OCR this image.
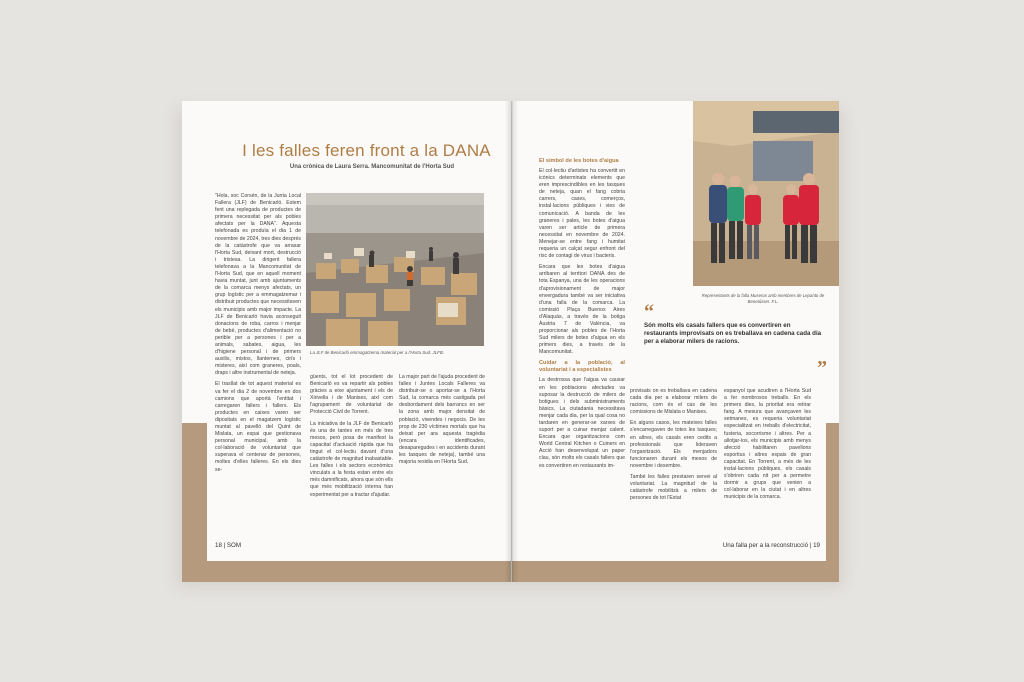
I les falles feren front a la DANA
Una crònica de Laura Serra. Mancomunitat de l'Horta Sud

"Hola, soc Corsén, de la Junta Local Fallera (JLF) de Benicarló. Estem fent una replegada de productes de primera necessitat per als pobles afectats per la DANA". Aquesta telefonada es produïa el dia 1 de novembre de 2024, tres dies després de la catàstrofe que va arrasar l'Horta Sud, deixant mort, destrucció i tristesa. La dirigent fallera telefonava a la Mancomunitat de l'Horta Sud, que en aquell moment havia muntat, junt amb ajuntaments de la comarca menys afectats, un grup logístic per a emmagatzemar i distribuir productes que necessitaven els municipis amb major impacte. La JLF de Benicarló havia aconseguit donacions de roba, carros i menjar de bebè, productes d'alimentació no perible per a persones i per a animals, sabates, aigua, les d'higiene personal i de primers auxilis, mistos, llanternes, cirís i misteres, així com graneres, poals, draps i altre instrumental de neteja.

El trasllat de tot aquest material es va fer el dia 2 de novembre en dos camions que aportà l'entitat i carregaren fallers i fallers. Els productes en caixes varen ser dipositats en el magatzem logístic muntat al pavelló del Quint de Mislata, un espai que gestionava personal municipal, amb la col·laboració de voluntariat que superava el centenar de persones, moltes d'elles falleres. En els dies se-

La JLF de Benicarló emmagatzema material per a l'Horta Sud. JLFB.

güents, tot el lot procedent de Benicarló es va repartir als pobles gràcies a eixe ajuntament i els de Xirivella i de Manises, així com l'agrupament de voluntariat de Protecció Civil de Torrent.

La iniciativa de la JLF de Benicarló és una de tantes en més de tres mesos, però posa de manifest la capacitat d'actuació ràpida que ha tingut el col·lectiu davant d'una catàstrofe de magnitud inabastable. Les falles i els sectors econòmics vinculats a la festa estan entre els més damnificats, ahora que són ells que més mobilització interna han experimentat per a tractar d'ajudar.

La major part de l'ajuda procedent de falles i Juntes Locals Falleres va distribuir-se o aportar-se a l'Horta Sud, la comarca més castigada pel desbordament dels barrancs en ser la zona amb major densitat de població, vivendes i negocis. De les prop de 230 víctimes mortals que ha deixat per ara aquesta tragèdia (encara identificades, desaparegudes i en accidents durant les tasques de neteja), també una majoria residia en l'Horta Sud.

18 | SOM
El símbol de les botes d'aigua

El col·lectiu d'artistes ha convertit en icònics determinats elements que eren imprescindibles en les tasques de neteja, quan el fang cobria carrers, cases, comerços, instal·lacions públiques i vies de comunicació. A banda de les graneres i pales, les botes d'aigua varen ser article de primera necessitat en novembre de 2024. Menejar-se entre fang i humitat requeria un calçat segur enfront del risc de contagi de virus i bacteris.

Encara que les botes d'aigua arribaren al territori DANA des de tota Espanya, una de les operacions d'aprovisionament de major envergadura també va ser iniciativa d'una falla de la comarca. La comissió Plaça Buenos Aires d'Alaquàs, a través de la botiga Àustria 7 de València, va proporcionar als pobles de l'Horta Sud milers de botes d'aigua en els primers dies, a través de la Mancomunitat.

Cuidar a la població, al voluntariat i a especialistes

La destrossa que l'aigua va causar en les poblacions afectades va suposar la destrucció de milers de botigues i dels subministraments bàsics. La ciutadania necessitava menjar cada dia, per la qual cosa no tardaren en generar-se xarxes de suport per a cuinar menjar calent. Encara que organitzacions com World Central Kitchen o Cuiners en Acció han desenvolupat un paper clau, són molts els casals fallers que es convertiren en restaurants im-

Representants de la falla Museros amb membres de Lepanto de Benetússer. F.L.
“
Són molts els casals fallers que es convertiren en restaurants improvisats on es treballava en cadena cada dia per a elaborar milers de racions.
”

provisats on es treballava en cadena cada dia per a elaborar milers de racions, com és el cas de les comissions de Mislata o Manises.

En alguns casos, les mateixes falles s'encarregaven de totes les tasques; en altres, els casals eren cedits a professionals que lideraven l'organització. Els menjadors funcionaren durant els mesos de novembre i desembre.

També les falles prestaren servei al voluntariat. La magnitud de la catàstrofe mobilitzà a milers de persones de tot l'Estat

espanyol que acudiren a l'Horta Sud a fer nombrosos treballs. En els primers dies, la prioritat era retirar fang. A mesura que avançaven les setmanes, es requeria voluntariat especialitzat en treballs d'electricitat, fusteria, socorrisme i altres. Per a allotjar-los, els municipis amb menys afecció habilitaren pavellons esportius i altres espais de gran capacitat. En Torrent, a més de les instal·lacions públiques, els casals s'obriren cada nit per a permetre dormir a grups que venien a col·laborar en la ciutat i en altres municipis de la comarca.

Una falla per a la reconstrucció | 19
